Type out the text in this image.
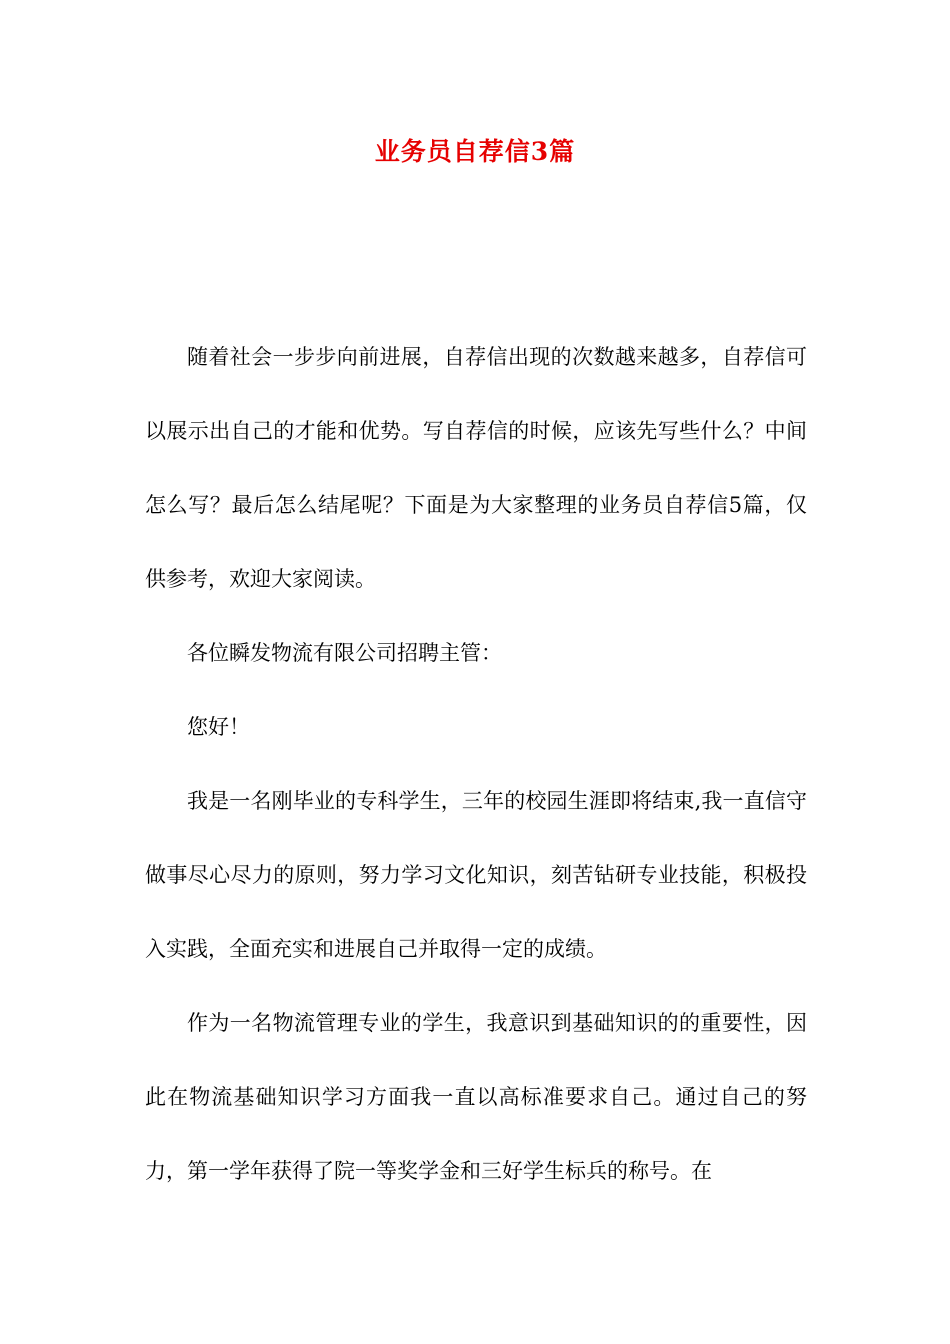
业务员自荐信3篇

随着社会一步步向前进展，自荐信出现的次数越来越多，自荐信可以展示出自己的才能和优势。写自荐信的时候，应该先写些什么？中间怎么写？最后怎么结尾呢？下面是为大家整理的业务员自荐信5篇，仅供参考，欢迎大家阅读。

各位瞬发物流有限公司招聘主管：

您好！

我是一名刚毕业的专科学生，三年的校园生涯即将结束,我一直信守做事尽心尽力的原则，努力学习文化知识，刻苦钻研专业技能，积极投入实践，全面充实和进展自己并取得一定的成绩。

作为一名物流管理专业的学生，我意识到基础知识的的重要性，因此在物流基础知识学习方面我一直以高标准要求自己。通过自己的努力，第一学年获得了院一等奖学金和三好学生标兵的称号。在
